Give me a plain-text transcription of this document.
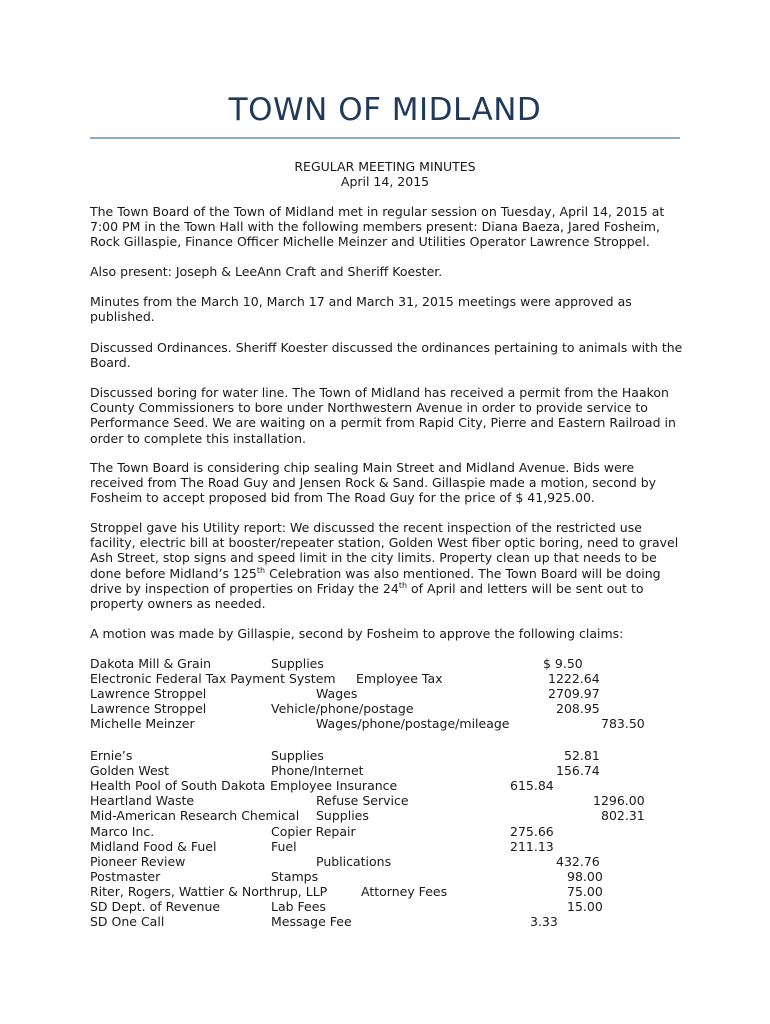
TOWN OF MIDLAND
REGULAR MEETING MINUTES
April 14, 2015

The Town Board of the Town of Midland met in regular session on Tuesday, April 14, 2015 at 7:00 PM in the Town Hall with the following members present: Diana Baeza, Jared Fosheim, Rock Gillaspie, Finance Officer Michelle Meinzer and Utilities Operator Lawrence Stroppel.

Also present: Joseph & LeeAnn Craft and Sheriff Koester.

Minutes from the March 10, March 17 and March 31, 2015 meetings were approved as published.

Discussed Ordinances. Sheriff Koester discussed the ordinances pertaining to animals with the Board.

Discussed boring for water line. The Town of Midland has received a permit from the Haakon County Commissioners to bore under Northwestern Avenue in order to provide service to Performance Seed. We are waiting on a permit from Rapid City, Pierre and Eastern Railroad in order to complete this installation.

The Town Board is considering chip sealing Main Street and Midland Avenue. Bids were received from The Road Guy and Jensen Rock & Sand. Gillaspie made a motion, second by Fosheim to accept proposed bid from The Road Guy for the price of $ 41,925.00.

Stroppel gave his Utility report: We discussed the recent inspection of the restricted use facility, electric bill at booster/repeater station, Golden West fiber optic boring, need to gravel Ash Street, stop signs and speed limit in the city limits. Property clean up that needs to be done before Midland’s 125th Celebration was also mentioned. The Town Board will be doing drive by inspection of properties on Friday the 24th of April and letters will be sent out to property owners as needed.

A motion was made by Gillaspie, second by Fosheim to approve the following claims:

Dakota Mill & Grain	Supplies	$ 9.50
Electronic Federal Tax Payment System Employee Tax	1222.64
Lawrence Stroppel	Wages	2709.97
Lawrence Stroppel	Vehicle/phone/postage	208.95
Michelle Meinzer	Wages/phone/postage/mileage	783.50
Ernie’s	Supplies	52.81
Golden West	Phone/Internet	156.74
Health Pool of South Dakota Employee Insurance	615.84
Heartland Waste	Refuse Service	1296.00
Mid-American Research Chemical Supplies	802.31
Marco Inc.	Copier Repair	275.66
Midland Food & Fuel	Fuel	211.13
Pioneer Review	Publications	432.76
Postmaster	Stamps	98.00
Riter, Rogers, Wattier & Northrup, LLP	Attorney Fees	75.00
SD Dept. of Revenue	Lab Fees	15.00
SD One Call	Message Fee	3.33
